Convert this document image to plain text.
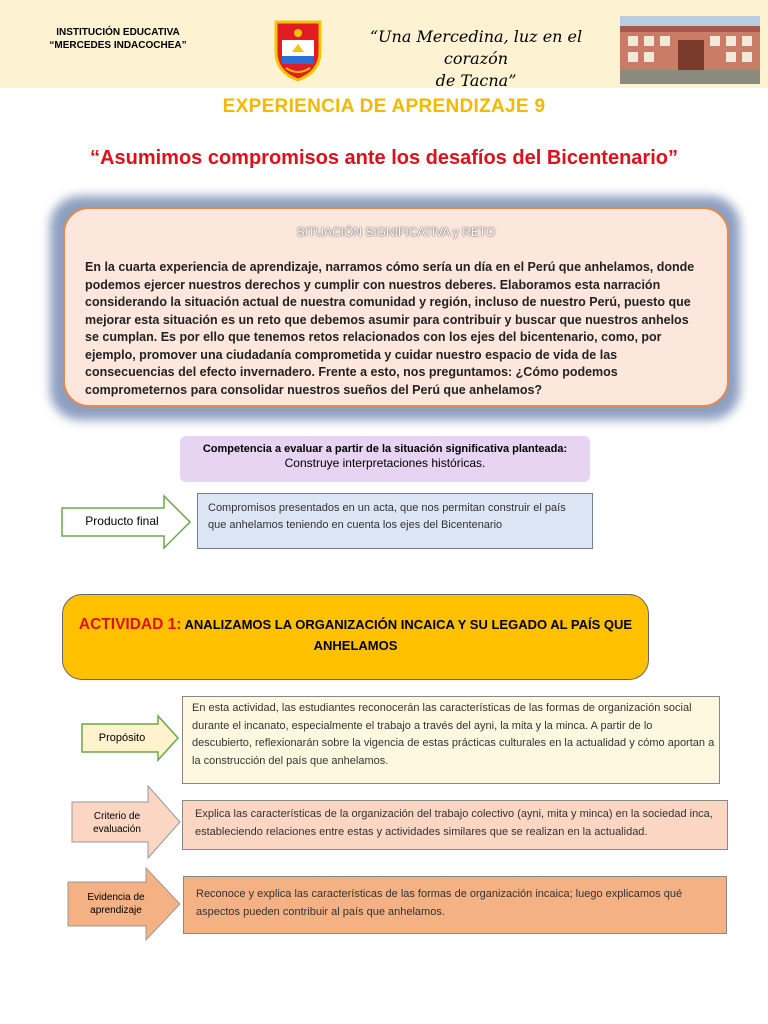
INSTITUCIÓN EDUCATIVA
“MERCEDES INDACOCHEA”	“Una Mercedina, luz en el corazón
de Tacna”
EXPERIENCIA DE APRENDIZAJE 9
“Asumimos compromisos ante los desafíos del Bicentenario”
SITUACIÓN SIGNIFICATIVA y RETO
En la cuarta experiencia de aprendizaje, narramos cómo sería un día en el Perú que anhelamos, donde podemos ejercer nuestros derechos y cumplir con nuestros deberes. Elaboramos esta narración considerando la situación actual de nuestra comunidad y región, incluso de nuestro Perú, puesto que mejorar esta situación es un reto que debemos asumir para contribuir y buscar que nuestros anhelos se cumplan. Es por ello que tenemos retos relacionados con los ejes del bicentenario, como, por ejemplo, promover una ciudadanía comprometida y cuidar nuestro espacio de vida de las consecuencias del efecto invernadero. Frente a esto, nos preguntamos: ¿Cómo podemos comprometernos para consolidar nuestros sueños del Perú que anhelamos?
Competencia a evaluar a partir de la situación significativa planteada:
Construye interpretaciones históricas.
Producto final
Compromisos presentados en un acta, que nos permitan construir el país que anhelamos teniendo en cuenta los ejes del Bicentenario
ACTIVIDAD 1: ANALIZAMOS LA ORGANIZACIÓN INCAICA Y SU LEGADO AL PAÍS QUE
ANHELAMOS
Propósito
En esta actividad, las estudiantes reconocerán las características de las formas de organización social durante el incanato, especialmente el trabajo a través del ayni, la mita y la minca. A partir de lo descubierto, reflexionarán sobre la vigencia de estas prácticas culturales en la actualidad y cómo aportan a la construcción del país que anhelamos.
Criterio de
evaluación
Explica las características de la organización del trabajo colectivo (ayni, mita y minca) en la sociedad inca, estableciendo relaciones entre estas y actividades similares que se realizan en la actualidad.
Evidencia de
aprendizaje
Reconoce y explica las características de las formas de organización incaica; luego explicamos qué aspectos pueden contribuir al país que anhelamos.
